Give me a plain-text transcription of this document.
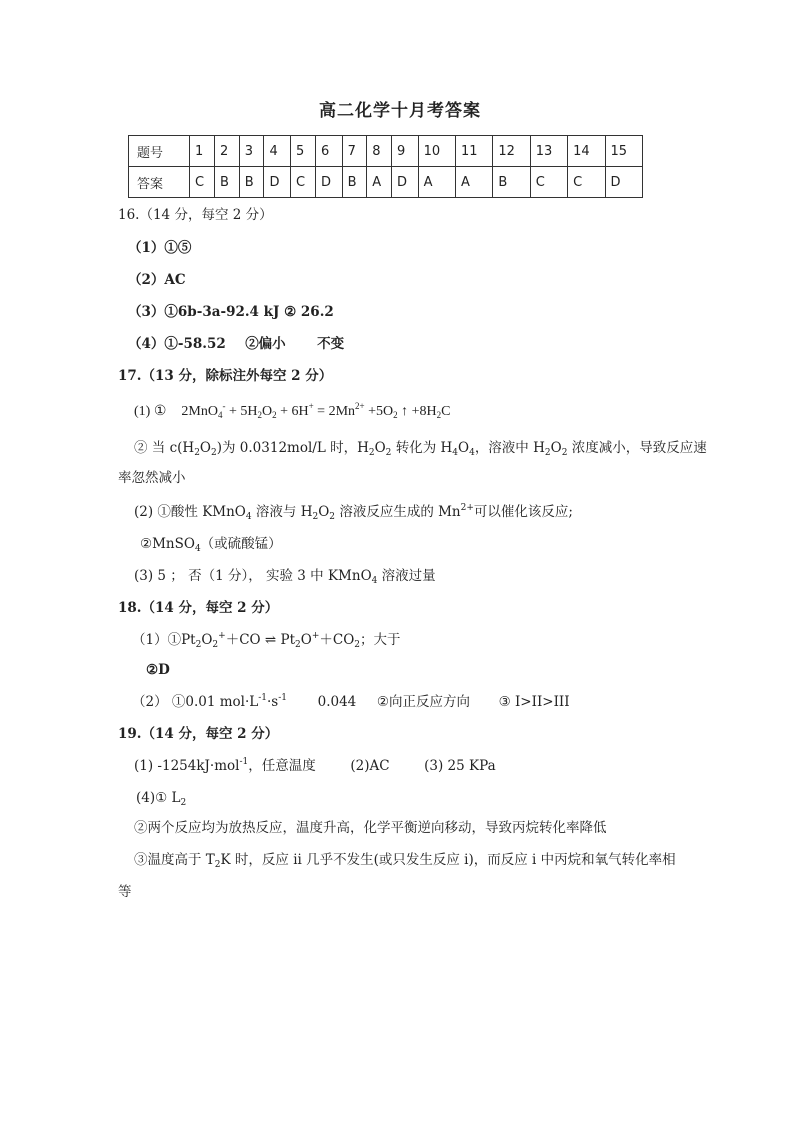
高二化学十月考答案
题号	1	2	3	4	5	6	7	8	9	10	11	12	13	14	15
答案	C	B	B	D	C	D	B	A	D	A	A	B	C	C	D
16.（14 分，每空 2 分）
（1）①⑤
（2）AC
（3）①6b-3a-92.4 kJ ② 26.2
（4）①-58.52 ②偏小 不变
17.（13 分，除标注外每空 2 分）
(1) ① $2MnO_4^- + 5H_2O_2 + 6H^+ = 2Mn^{2+} +5O_2$ ↑ $+8H_2C$
② 当 $c(H_2O_2)$为 0.0312mol/L 时，$H_2O_2$ 转化为 $H_4O_4$，溶液中 $H_2O_2$ 浓度减小，导致反应速
率忽然减小
(2) ①酸性 KMnO$_4$ 溶液与 $H_2O_2$ 溶液反应生成的 $Mn^{2+}$可以催化该反应;
②MnSO$_4$（或硫酸锰）
(3) 5 ； 否（1 分）， 实验 3 中 KMnO$_4$ 溶液过量
18.（14 分，每空 2 分）
$(1)①Pt_2O_2^++CO$ ⇌ $Pt_2O^++CO_2$；大于
②D
（2） ①0.01 $mol\cdot L^{-1}\cdot s^{-1}$ 0.044 ②向正反应方向 ③ I>II>III
19.（14 分，每空 2 分）
(1) -1254kJ·mol$^{-1}$，任意温度	(2)AC	(3) 25 KPa
(4)① $L_2$
②两个反应均为放热反应，温度升高，化学平衡逆向移动，导致丙烷转化率降低
③温度高于 $T_2K$ 时，反应 ii 几乎不发生(或只发生反应 i)，而反应 i 中丙烷和氧气转化率相
等
